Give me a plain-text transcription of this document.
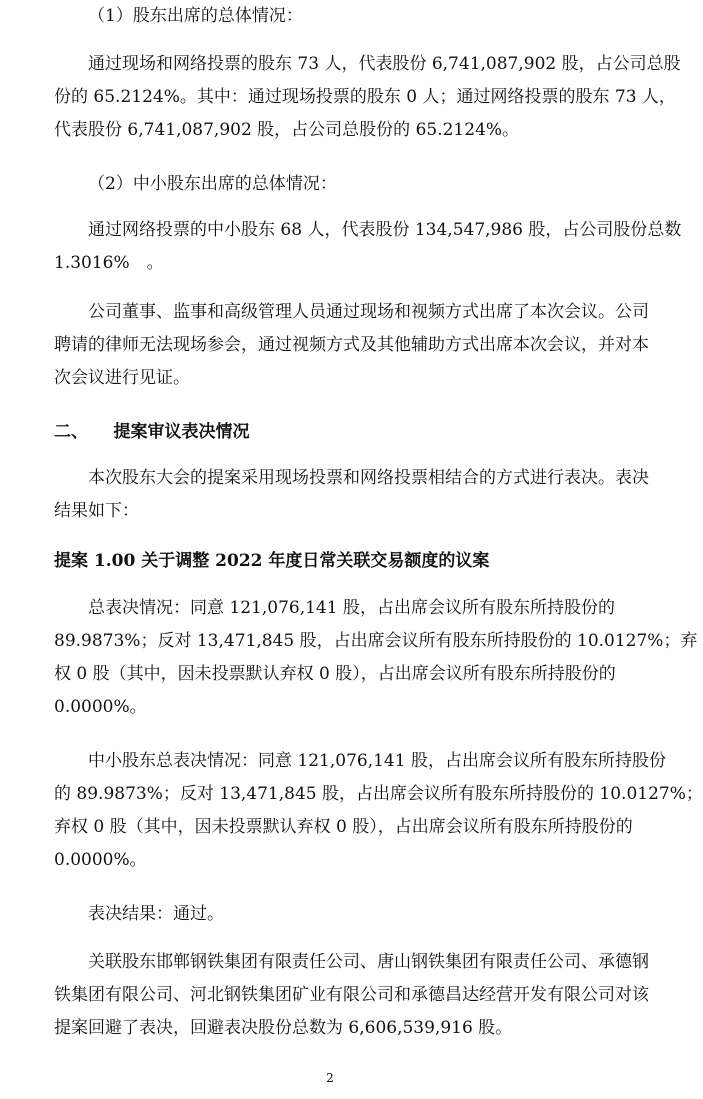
（1）股东出席的总体情况：
通过现场和网络投票的股东 73 人，代表股份 6,741,087,902 股，占公司总股
份的 65.2124%。其中：通过现场投票的股东 0 人；通过网络投票的股东 73 人，
代表股份 6,741,087,902 股，占公司总股份的 65.2124%。
（2）中小股东出席的总体情况：
通过网络投票的中小股东 68 人，代表股份 134,547,986 股，占公司股份总数
1.3016%　。
公司董事、监事和高级管理人员通过现场和视频方式出席了本次会议。公司
聘请的律师无法现场参会，通过视频方式及其他辅助方式出席本次会议，并对本
次会议进行见证。
二、　　提案审议表决情况
本次股东大会的提案采用现场投票和网络投票相结合的方式进行表决。表决
结果如下：
提案 1.00 关于调整 2022 年度日常关联交易额度的议案
总表决情况：同意 121,076,141 股，占出席会议所有股东所持股份的
89.9873%；反对 13,471,845 股，占出席会议所有股东所持股份的 10.0127%；弃
权 0 股（其中，因未投票默认弃权 0 股），占出席会议所有股东所持股份的
0.0000%。
中小股东总表决情况：同意 121,076,141 股，占出席会议所有股东所持股份
的 89.9873%；反对 13,471,845 股，占出席会议所有股东所持股份的 10.0127%；
弃权 0 股（其中，因未投票默认弃权 0 股），占出席会议所有股东所持股份的
0.0000%。
表决结果：通过。
关联股东邯郸钢铁集团有限责任公司、唐山钢铁集团有限责任公司、承德钢
铁集团有限公司、河北钢铁集团矿业有限公司和承德昌达经营开发有限公司对该
提案回避了表决，回避表决股份总数为 6,606,539,916 股。
2
